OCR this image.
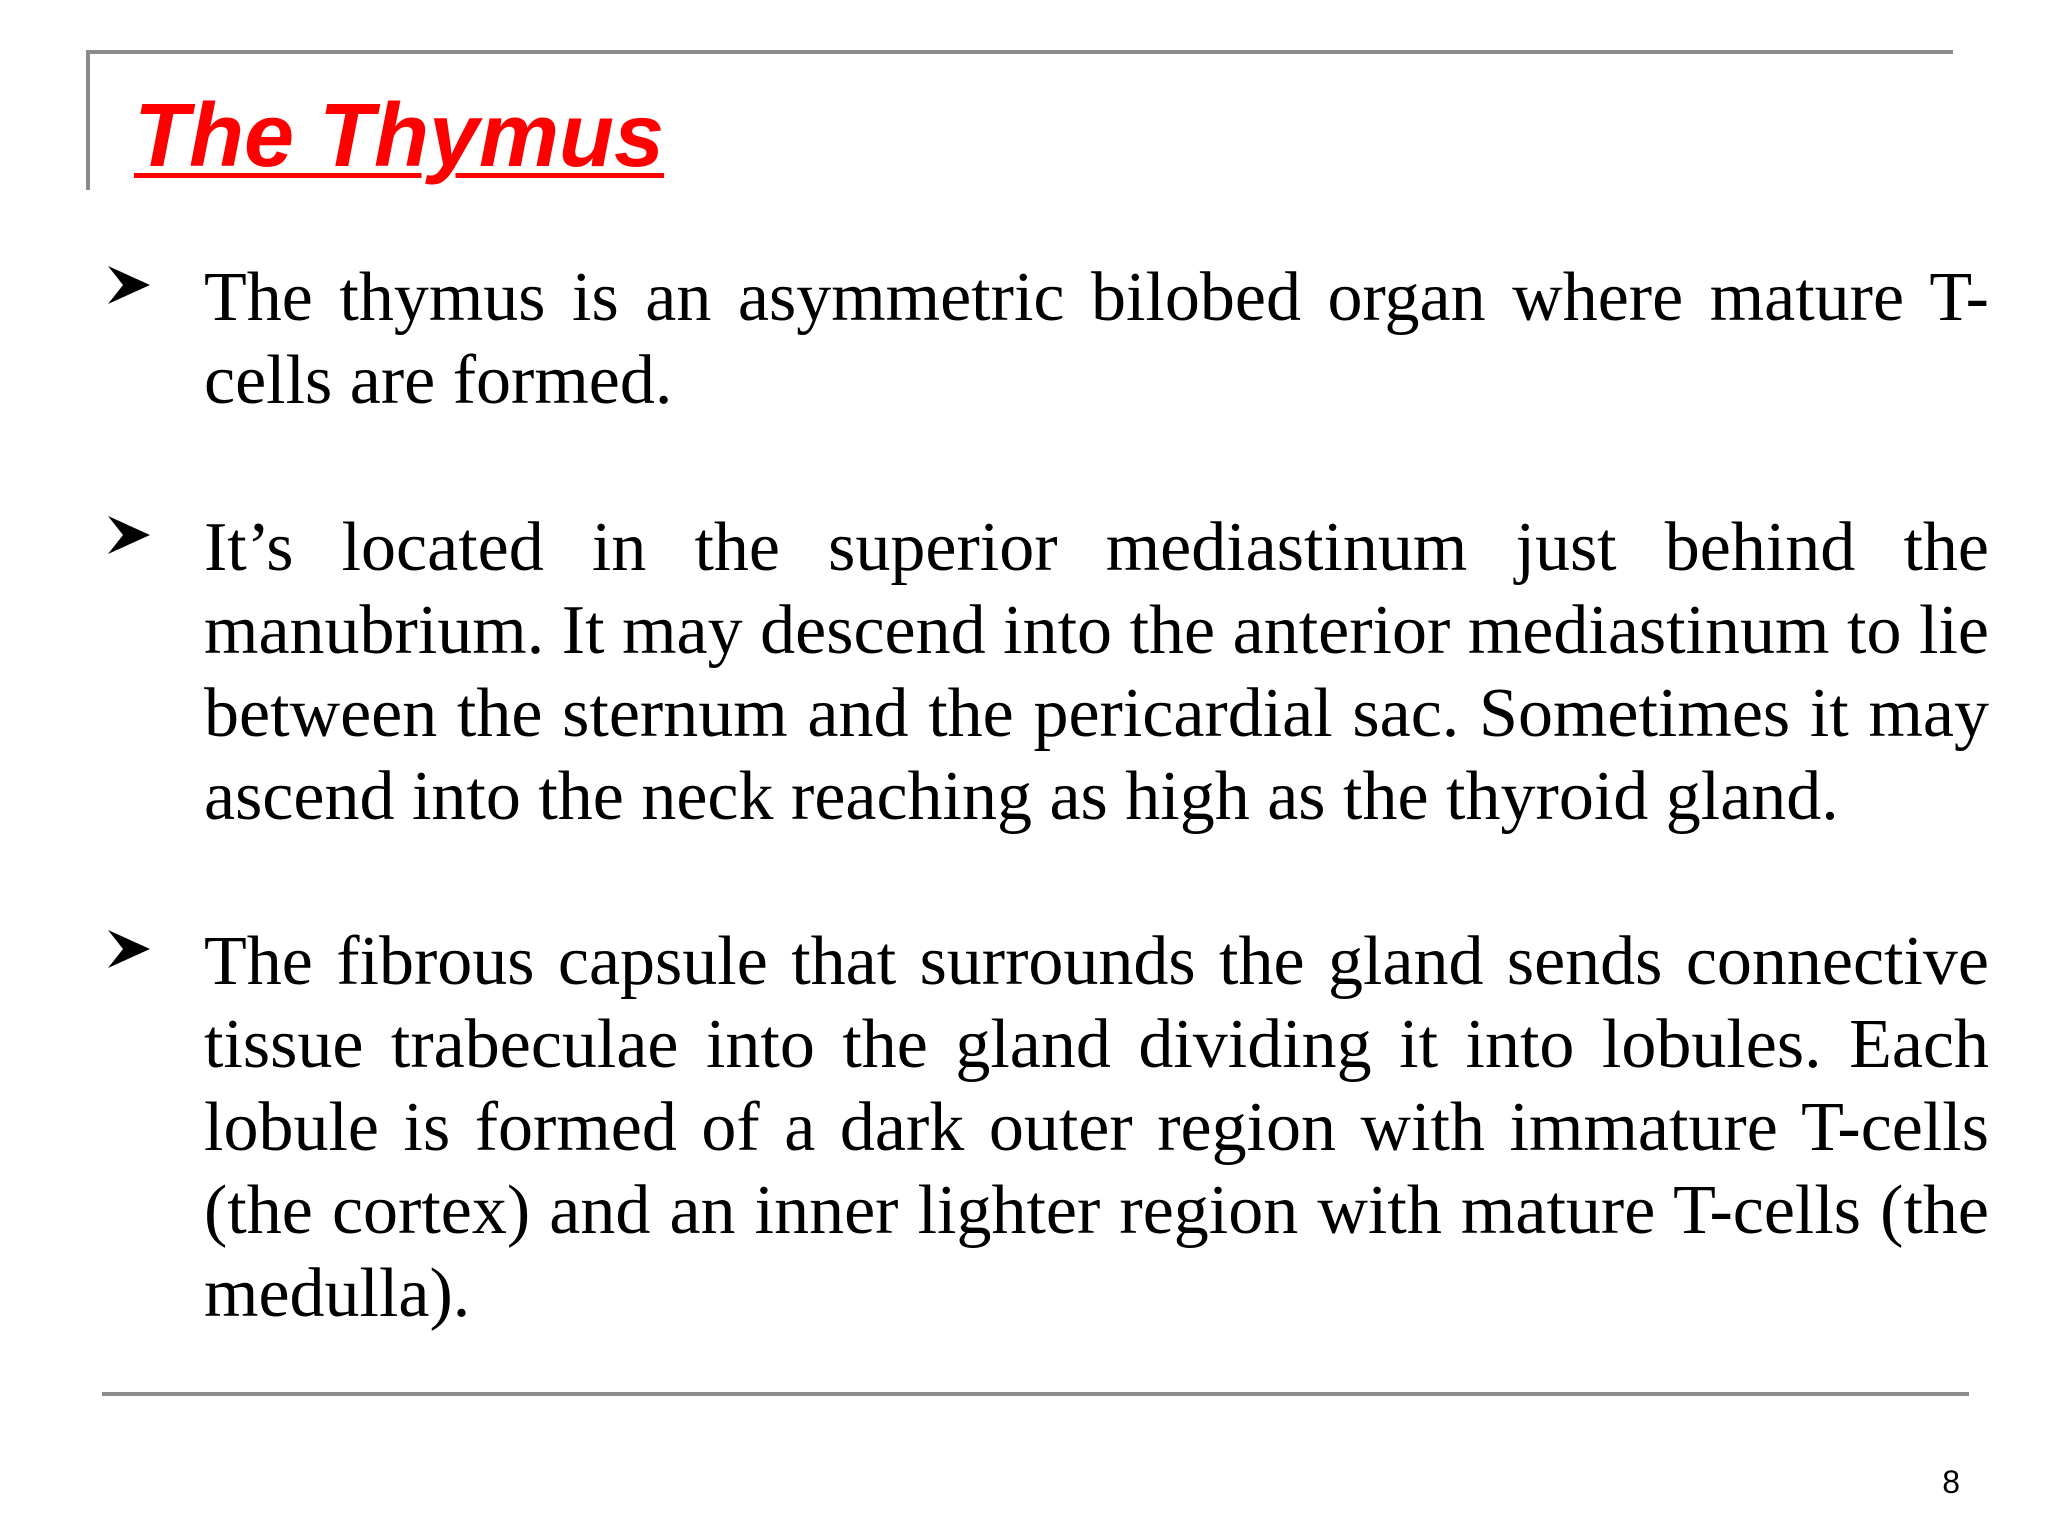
The Thymus

The thymus is an asymmetric bilobed organ where mature T-cells are formed.

It’s located in the superior mediastinum just behind the manubrium. It may descend into the anterior mediastinum to lie between the sternum and the pericardial sac. Sometimes it may ascend into the neck reaching as high as the thyroid gland.

The fibrous capsule that surrounds the gland sends connective tissue trabeculae into the gland dividing it into lobules. Each lobule is formed of a dark outer region with immature T-cells (the cortex) and an inner lighter region with mature T-cells (the medulla).

8
